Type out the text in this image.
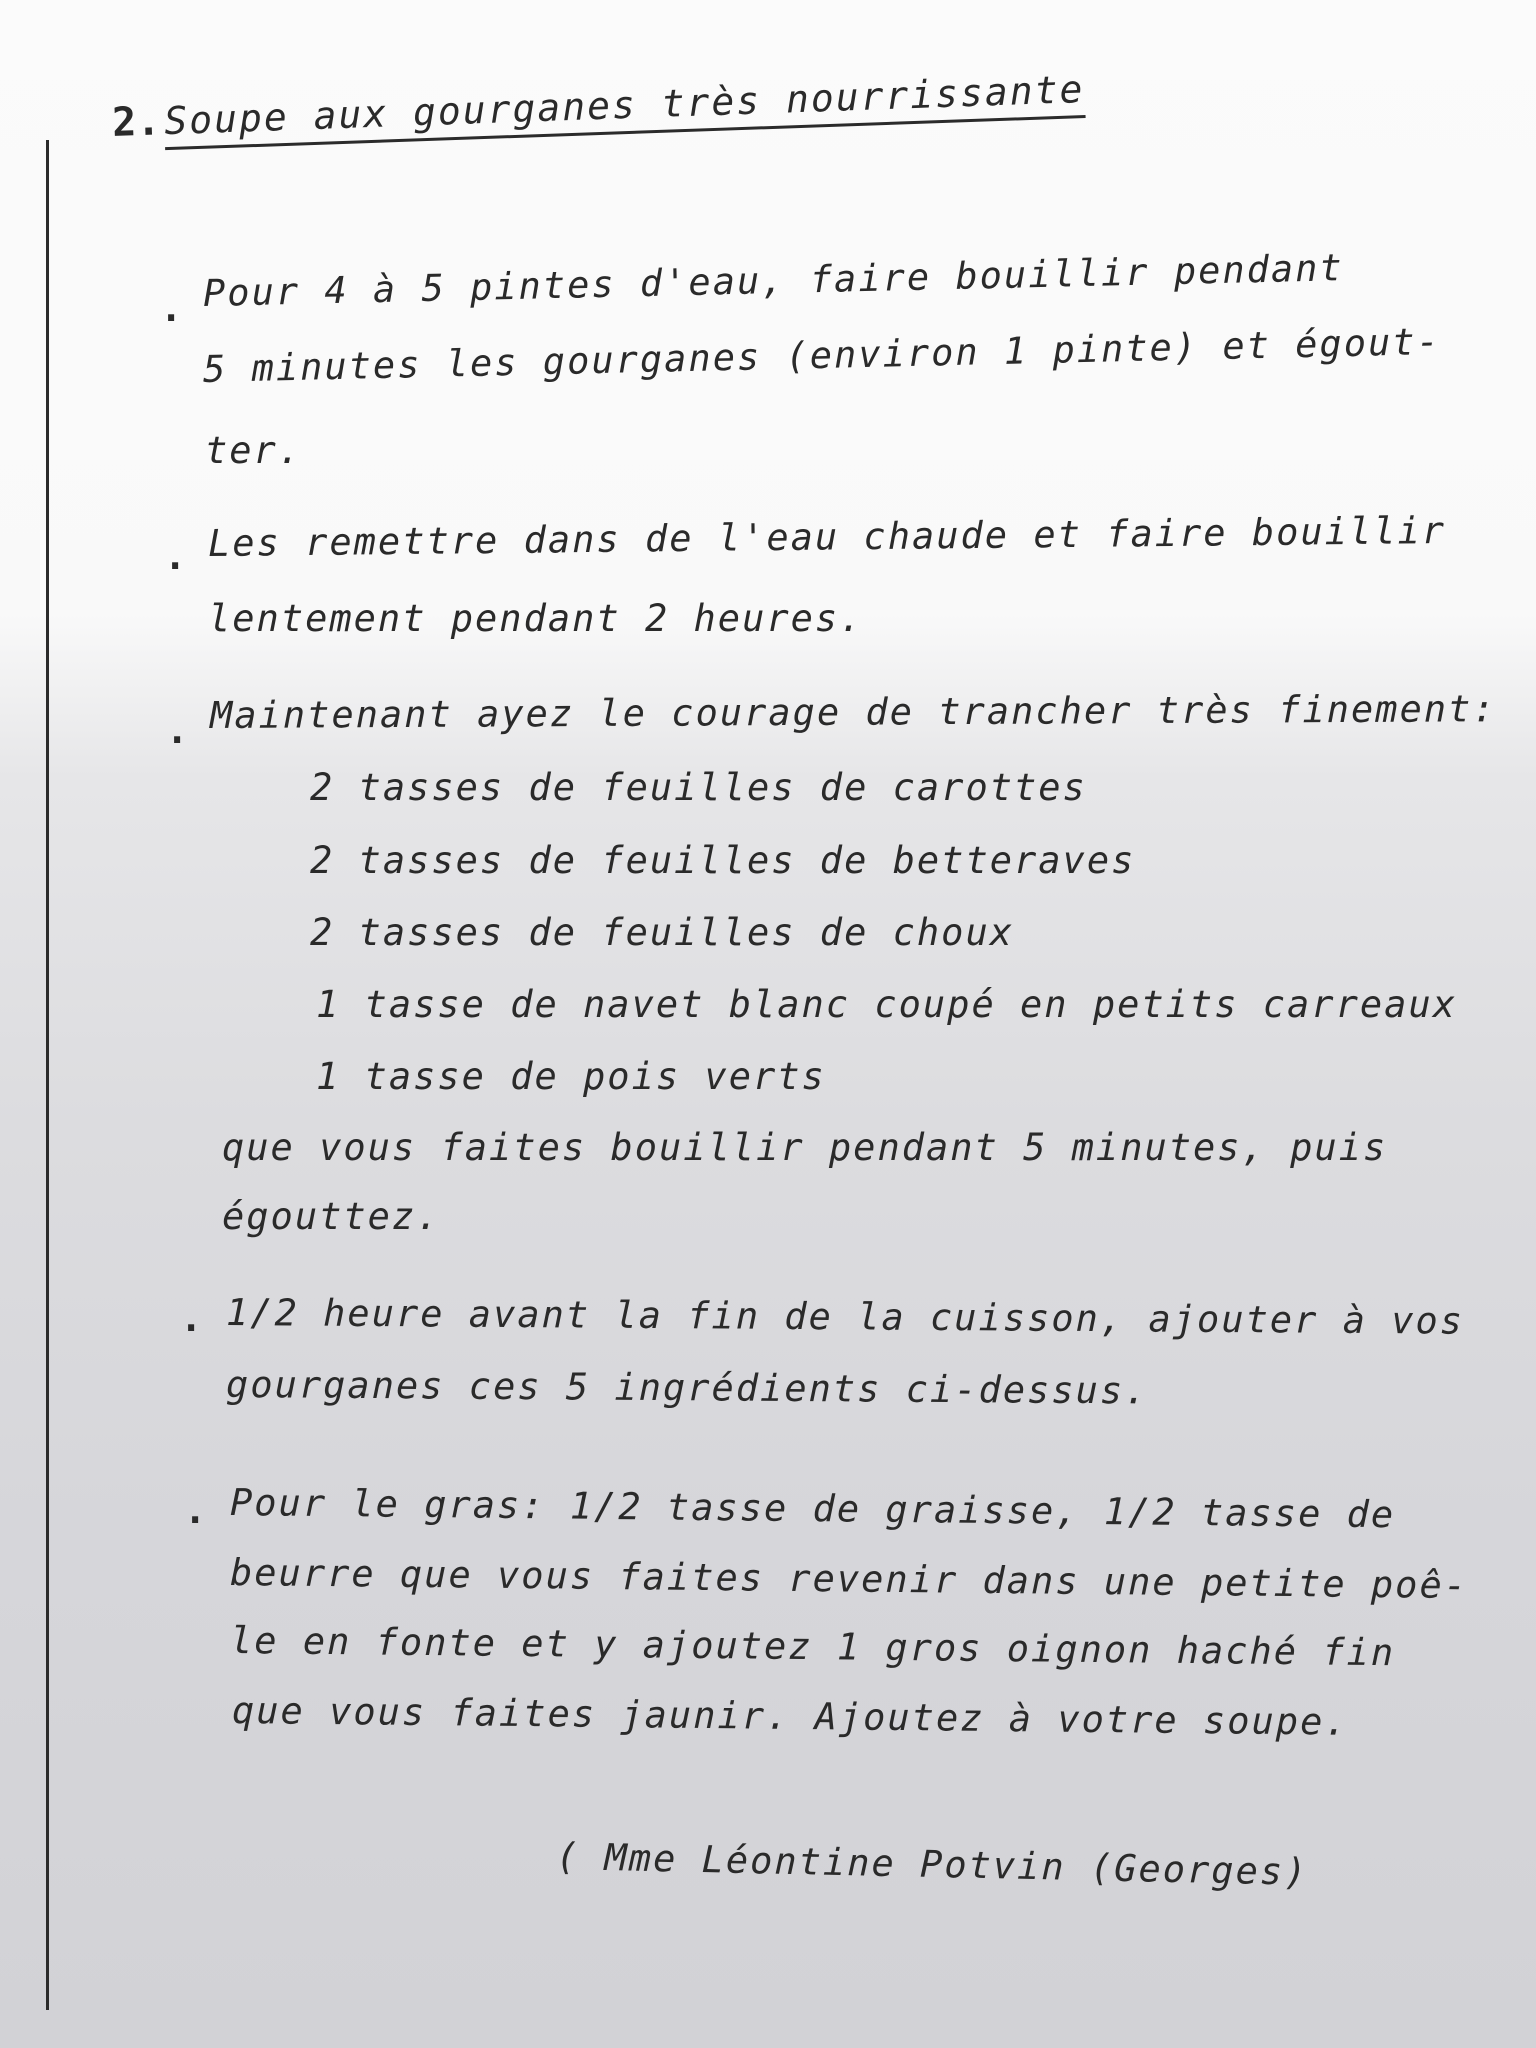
2.Soupe aux gourganes très nourrissante
. Pour 4 à 5 pintes d'eau, faire bouillir pendant
5 minutes les gourganes (environ 1 pinte) et égout-
ter.
. Les remettre dans de l'eau chaude et faire bouillir
lentement pendant 2 heures.
. Maintenant ayez le courage de trancher très finement:
2 tasses de feuilles de carottes
2 tasses de feuilles de betteraves
2 tasses de feuilles de choux
1 tasse de navet blanc coupé en petits carreaux
1 tasse de pois verts
que vous faites bouillir pendant 5 minutes, puis
égouttez.
. 1/2 heure avant la fin de la cuisson, ajouter à vos
gourganes ces 5 ingrédients ci-dessus.
. Pour le gras: 1/2 tasse de graisse, 1/2 tasse de
beurre que vous faites revenir dans une petite poê-
le en fonte et y ajoutez 1 gros oignon haché fin
que vous faites jaunir. Ajoutez à votre soupe.
( Mme Léontine Potvin (Georges)
